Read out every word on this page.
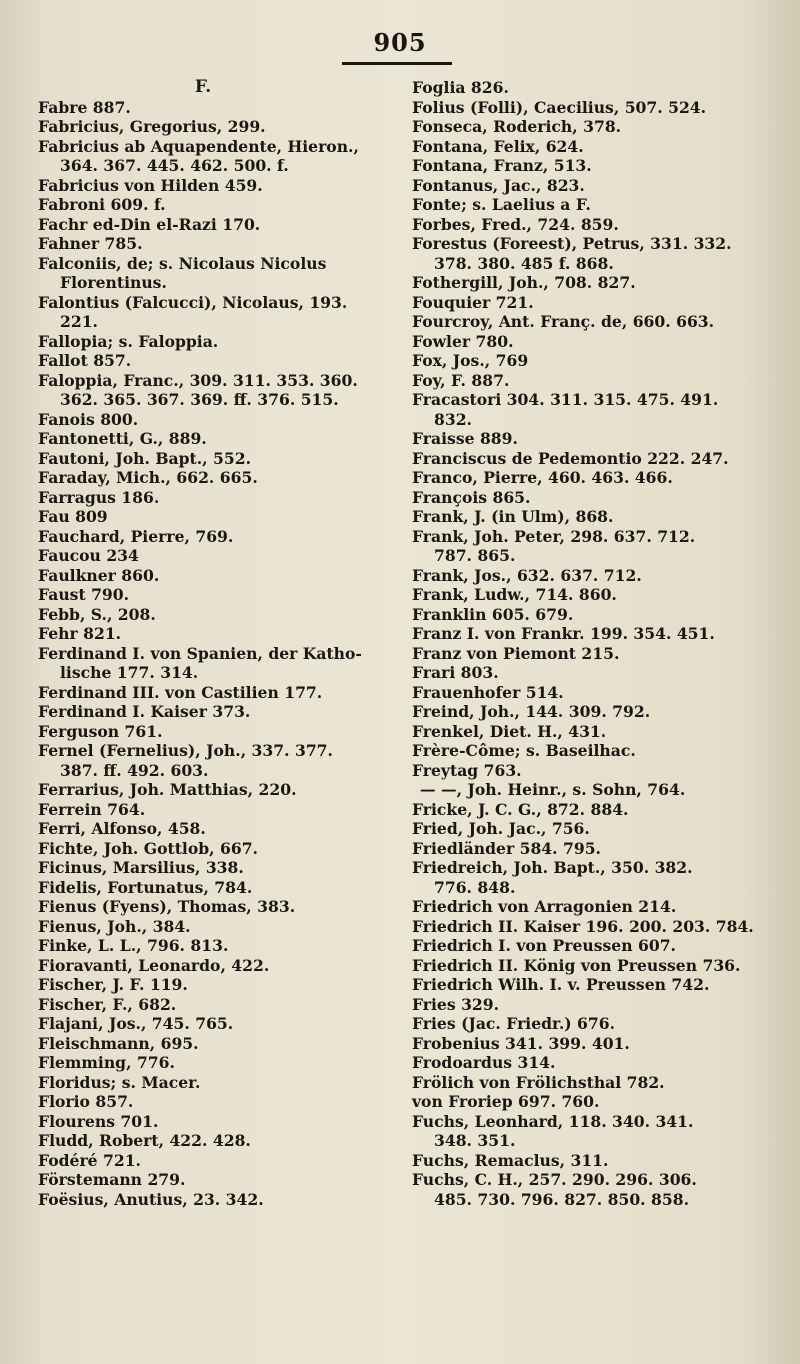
905
F.
Fabre 887.
Fabricius, Gregorius, 299.
Fabricius ab Aquapendente, Hieron.,
364. 367. 445. 462. 500. f.
Fabricius von Hilden 459.
Fabroni 609. f.
Fachr ed-Din el-Razi 170.
Fahner 785.
Falconiis, de; s. Nicolaus Nicolus
Florentinus.
Falontius (Falcucci), Nicolaus, 193.
221.
Fallopia; s. Faloppia.
Fallot 857.
Faloppia, Franc., 309. 311. 353. 360.
362. 365. 367. 369. ff. 376. 515.
Fanois 800.
Fantonetti, G., 889.
Fautoni, Joh. Bapt., 552.
Faraday, Mich., 662. 665.
Farragus 186.
Fau 809
Fauchard, Pierre, 769.
Faucou 234
Faulkner 860.
Faust 790.
Febb, S., 208.
Fehr 821.
Ferdinand I. von Spanien, der Katho-
lische 177. 314.
Ferdinand III. von Castilien 177.
Ferdinand I. Kaiser 373.
Ferguson 761.
Fernel (Fernelius), Joh., 337. 377.
387. ff. 492. 603.
Ferrarius, Joh. Matthias, 220.
Ferrein 764.
Ferri, Alfonso, 458.
Fichte, Joh. Gottlob, 667.
Ficinus, Marsilius, 338.
Fidelis, Fortunatus, 784.
Fienus (Fyens), Thomas, 383.
Fienus, Joh., 384.
Finke, L. L., 796. 813.
Fioravanti, Leonardo, 422.
Fischer, J. F. 119.
Fischer, F., 682.
Flajani, Jos., 745. 765.
Fleischmann, 695.
Flemming, 776.
Floridus; s. Macer.
Florio 857.
Flourens 701.
Fludd, Robert, 422. 428.
Fodéré 721.
Förstemann 279.
Foësius, Anutius, 23. 342.
Foglia 826.
Folius (Folli), Caecilius, 507. 524.
Fonseca, Roderich, 378.
Fontana, Felix, 624.
Fontana, Franz, 513.
Fontanus, Jac., 823.
Fonte; s. Laelius a F.
Forbes, Fred., 724. 859.
Forestus (Foreest), Petrus, 331. 332.
378. 380. 485 f. 868.
Fothergill, Joh., 708. 827.
Fouquier 721.
Fourcroy, Ant. Franç. de, 660. 663.
Fowler 780.
Fox, Jos., 769
Foy, F. 887.
Fracastori 304. 311. 315. 475. 491.
832.
Fraisse 889.
Franciscus de Pedemontio 222. 247.
Franco, Pierre, 460. 463. 466.
François 865.
Frank, J. (in Ulm), 868.
Frank, Joh. Peter, 298. 637. 712.
787. 865.
Frank, Jos., 632. 637. 712.
Frank, Ludw., 714. 860.
Franklin 605. 679.
Franz I. von Frankr. 199. 354. 451.
Franz von Piemont 215.
Frari 803.
Frauenhofer 514.
Freind, Joh., 144. 309. 792.
Frenkel, Diet. H., 431.
Frère-Côme; s. Baseilhac.
Freytag 763.
— —, Joh. Heinr., s. Sohn, 764.
Fricke, J. C. G., 872. 884.
Fried, Joh. Jac., 756.
Friedländer 584. 795.
Friedreich, Joh. Bapt., 350. 382.
776. 848.
Friedrich von Arragonien 214.
Friedrich II. Kaiser 196. 200. 203. 784.
Friedrich I. von Preussen 607.
Friedrich II. König von Preussen 736.
Friedrich Wilh. I. v. Preussen 742.
Fries 329.
Fries (Jac. Friedr.) 676.
Frobenius 341. 399. 401.
Frodoardus 314.
Frölich von Frölichsthal 782.
von Froriep 697. 760.
Fuchs, Leonhard, 118. 340. 341.
348. 351.
Fuchs, Remaclus, 311.
Fuchs, C. H., 257. 290. 296. 306.
485. 730. 796. 827. 850. 858.
